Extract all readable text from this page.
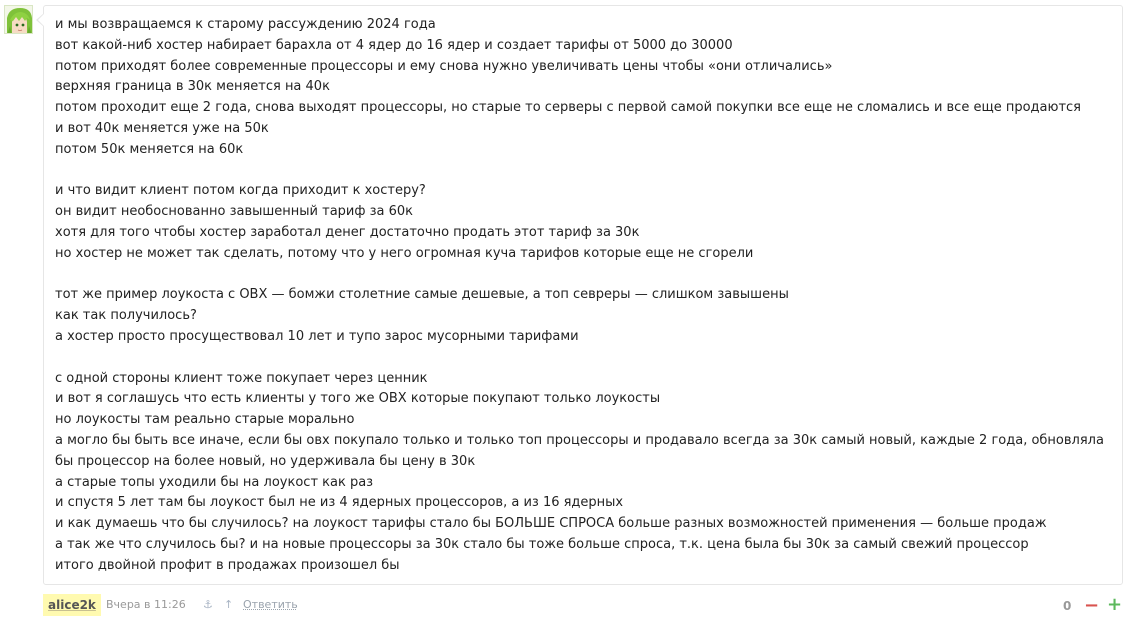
и мы возвращаемся к старому рассуждению 2024 года
вот какой-ниб хостер набирает барахла от 4 ядер до 16 ядер и создает тарифы от 5000 до 30000
потом приходят более современные процессоры и ему снова нужно увеличивать цены чтобы «они отличались»
верхняя граница в 30к меняется на 40к
потом проходит еще 2 года, снова выходят процессоры, но старые то серверы с первой самой покупки все еще не сломались и все еще продаются
и вот 40к меняется уже на 50к
потом 50к меняется на 60к
и что видит клиент потом когда приходит к хостеру?
он видит необоснованно завышенный тариф за 60к
хотя для того чтобы хостер заработал денег достаточно продать этот тариф за 30к
но хостер не может так сделать, потому что у него огромная куча тарифов которые еще не сгорели
тот же пример лоукоста с OBX — бомжи столетние самые дешевые, а топ севреры — слишком завышены
как так получилось?
а хостер просто просуществовал 10 лет и тупо зарос мусорными тарифами
с одной стороны клиент тоже покупает через ценник
и вот я соглашусь что есть клиенты у того же OBX которые покупают только лоукосты
но лоукосты там реально старые морально
а могло бы быть все иначе, если бы овх покупало только и только топ процессоры и продавало всегда за 30к самый новый, каждые 2 года, обновляла бы процессор на более новый, но удерживала бы цену в 30к
а старые топы уходили бы на лоукост как раз
и спустя 5 лет там бы лоукост был не из 4 ядерных процессоров, а из 16 ядерных
и как думаешь что бы случилось? на лоукост тарифы стало бы БОЛЬШЕ СПРОСА больше разных возможностей применения — больше продаж
а так же что случилось бы? и на новые процессоры за 30к стало бы тоже больше спроса, т.к. цена была бы 30к за самый свежий процессор
итого двойной профит в продажах произошел бы
alice2k Вчера в 11:26 ⚓ ↑ Ответить	0 − +
